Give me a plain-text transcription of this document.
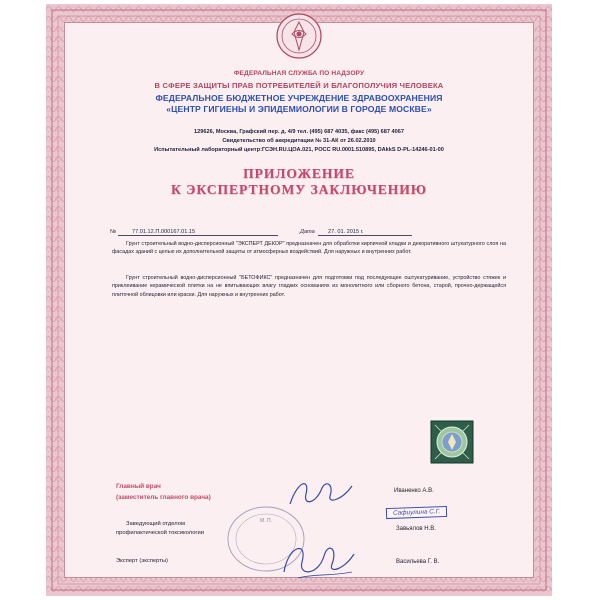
ФЕДЕРАЛЬНАЯ СЛУЖБА ПО НАДЗОРУ
В СФЕРЕ ЗАЩИТЫ ПРАВ ПОТРЕБИТЕЛЕЙ И БЛАГОПОЛУЧИЯ ЧЕЛОВЕКА
ФЕДЕРАЛЬНОЕ БЮДЖЕТНОЕ УЧРЕЖДЕНИЕ ЗДРАВООХРАНЕНИЯ
«ЦЕНТР ГИГИЕНЫ И ЭПИДЕМИОЛОГИИ В ГОРОДЕ МОСКВЕ»
129626, Москва, Графский пер. д. 4/9 тел. (495) 687 4035, факс (495) 687 4067
Свидетельство об аккредитации № 31-АК от 26.02.2010
Испытательный лабораторный центр:ГСЭН.RU.ЦОА.021, РОСС RU.0001.510895, DAkkS D-PL-14246-01-00
ПРИЛОЖЕНИЕ
К ЭКСПЕРТНОМУ ЗАКЛЮЧЕНИЮ
№	77.01.12.П.000167.01.15	Дата 27. 01. 2015 г.
Грунт строительный водно-дисперсионный "ЭКСПЕРТ ДЕКОР" предназначен для обработки кирпичной кладки и декоративного штукатурного слоя на фасадах зданий с целью их дополнительной защиты от атмосферных воздействий. Для наружных и внутренних работ.
Грунт строительный водно-дисперсионный "БЕТОФИКС" предназначен для подготовки под последующее оштукатуривание, устройство стяжек и приклеивание керамической плитки на не впитывающих влагу гладких основаниях из монолитного или сборного бетона, старой, прочно-держащейся плиточной облицовки или краски. Для наружных и внутренних работ.
Главный врач
(заместитель главного врача)
Иваненко А.В.
Заведующий отделом
профилактической токсикологии
Завьялов Н.В.
Эксперт (эксперты)	Васильева Г. В.
М. П.
Сафиулина С.Г.
